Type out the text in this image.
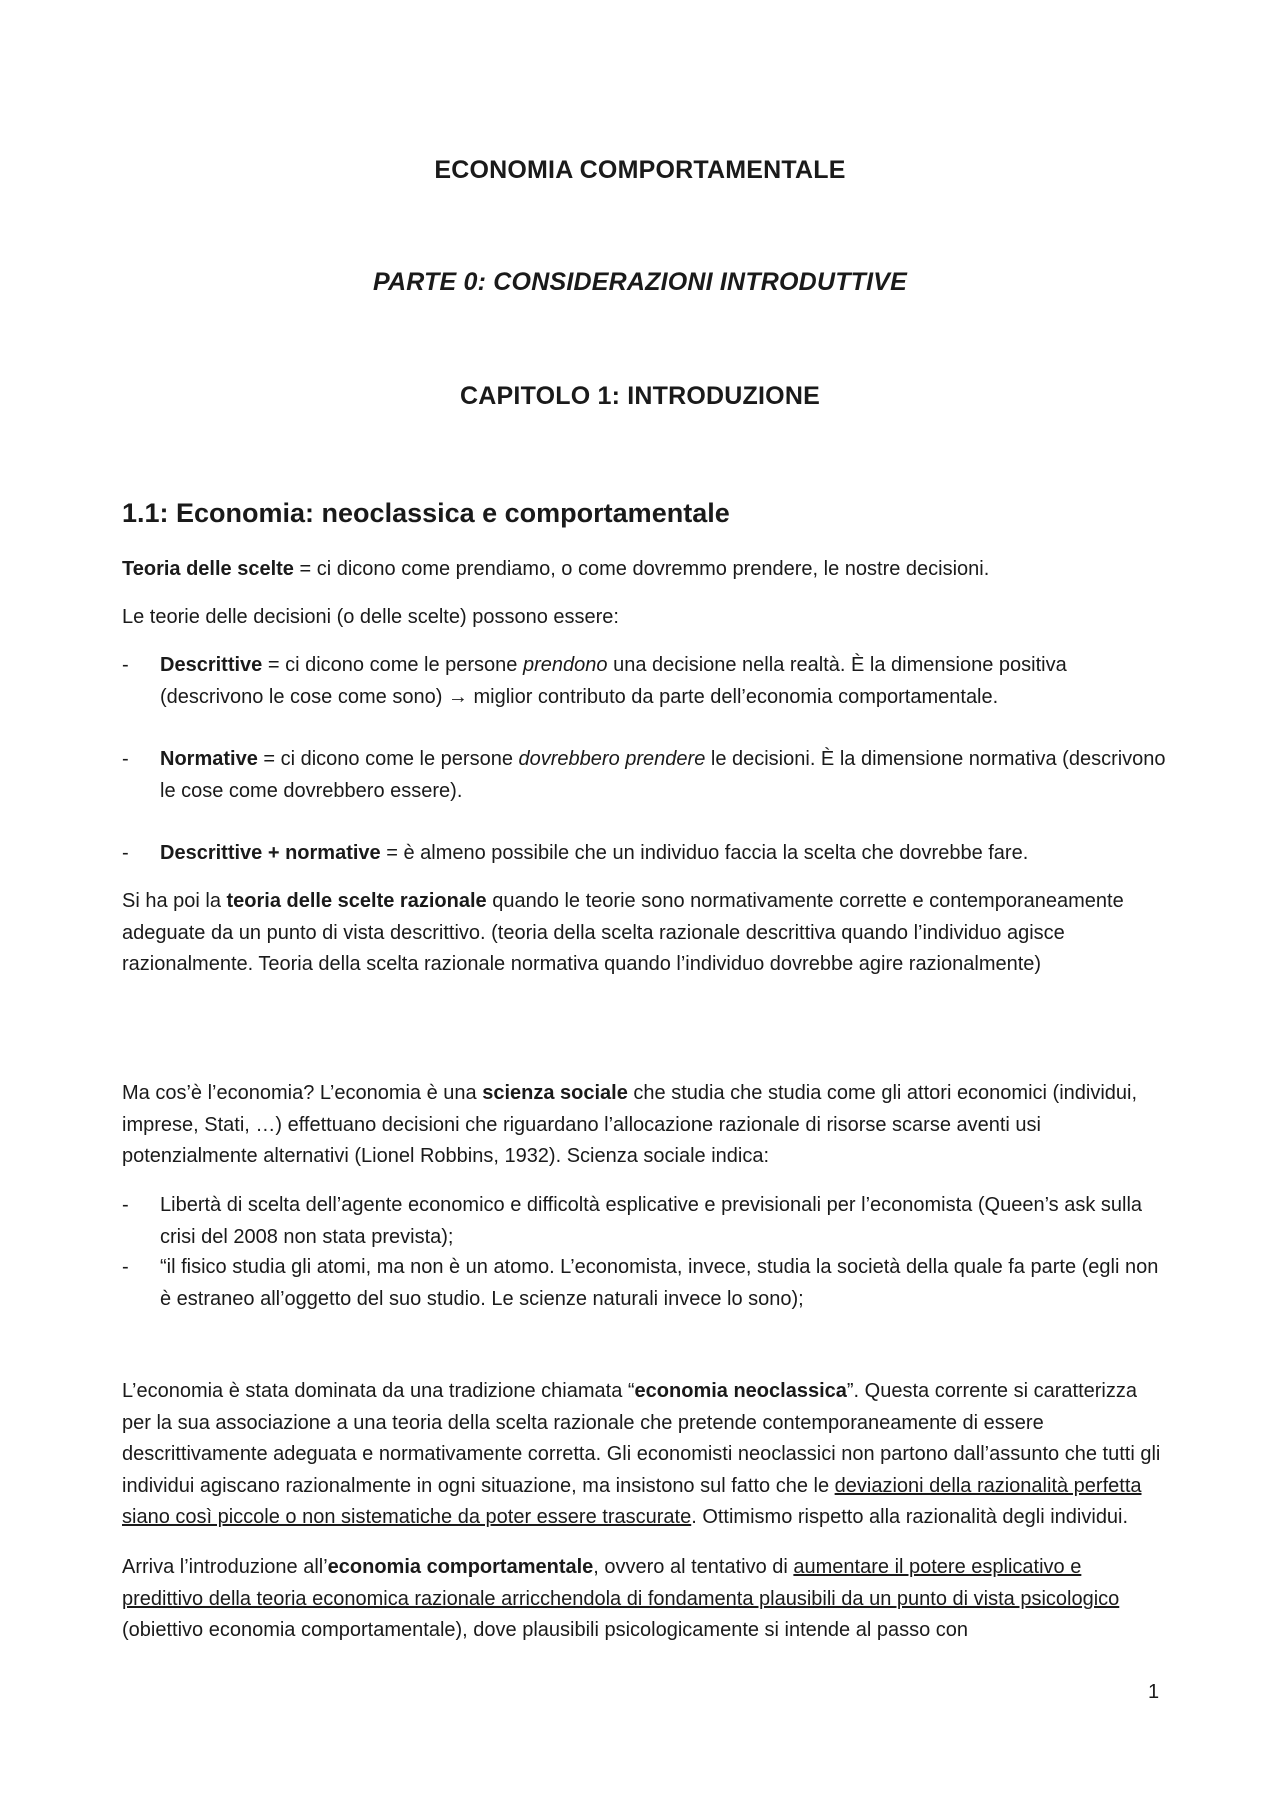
ECONOMIA COMPORTAMENTALE
PARTE 0: CONSIDERAZIONI INTRODUTTIVE
CAPITOLO 1: INTRODUZIONE
1.1: Economia: neoclassica e comportamentale

Teoria delle scelte = ci dicono come prendiamo, o come dovremmo prendere, le nostre decisioni.

Le teorie delle decisioni (o delle scelte) possono essere:

- Descrittive = ci dicono come le persone prendono una decisione nella realtà. È la dimensione positiva (descrivono le cose come sono) → miglior contributo da parte dell’economia comportamentale.
- Normative = ci dicono come le persone dovrebbero prendere le decisioni. È la dimensione normativa (descrivono le cose come dovrebbero essere).
- Descrittive + normative = è almeno possibile che un individuo faccia la scelta che dovrebbe fare.

Si ha poi la teoria delle scelte razionale quando le teorie sono normativamente corrette e contemporaneamente adeguate da un punto di vista descrittivo. (teoria della scelta razionale descrittiva quando l’individuo agisce razionalmente. Teoria della scelta razionale normativa quando l’individuo dovrebbe agire razionalmente)

Ma cos’è l’economia? L’economia è una scienza sociale che studia che studia come gli attori economici (individui, imprese, Stati, …) effettuano decisioni che riguardano l’allocazione razionale di risorse scarse aventi usi potenzialmente alternativi (Lionel Robbins, 1932). Scienza sociale indica:

- Libertà di scelta dell’agente economico e difficoltà esplicative e previsionali per l’economista (Queen’s ask sulla crisi del 2008 non stata prevista);
- “il fisico studia gli atomi, ma non è un atomo. L’economista, invece, studia la società della quale fa parte (egli non è estraneo all’oggetto del suo studio. Le scienze naturali invece lo sono);

L’economia è stata dominata da una tradizione chiamata “economia neoclassica”. Questa corrente si caratterizza per la sua associazione a una teoria della scelta razionale che pretende contemporaneamente di essere descrittivamente adeguata e normativamente corretta. Gli economisti neoclassici non partono dall’assunto che tutti gli individui agiscano razionalmente in ogni situazione, ma insistono sul fatto che le deviazioni della razionalità perfetta siano così piccole o non sistematiche da poter essere trascurate. Ottimismo rispetto alla razionalità degli individui.

Arriva l’introduzione all’economia comportamentale, ovvero al tentativo di aumentare il potere esplicativo e predittivo della teoria economica razionale arricchendola di fondamenta plausibili da un punto di vista psicologico (obiettivo economia comportamentale), dove plausibili psicologicamente si intende al passo con

1
